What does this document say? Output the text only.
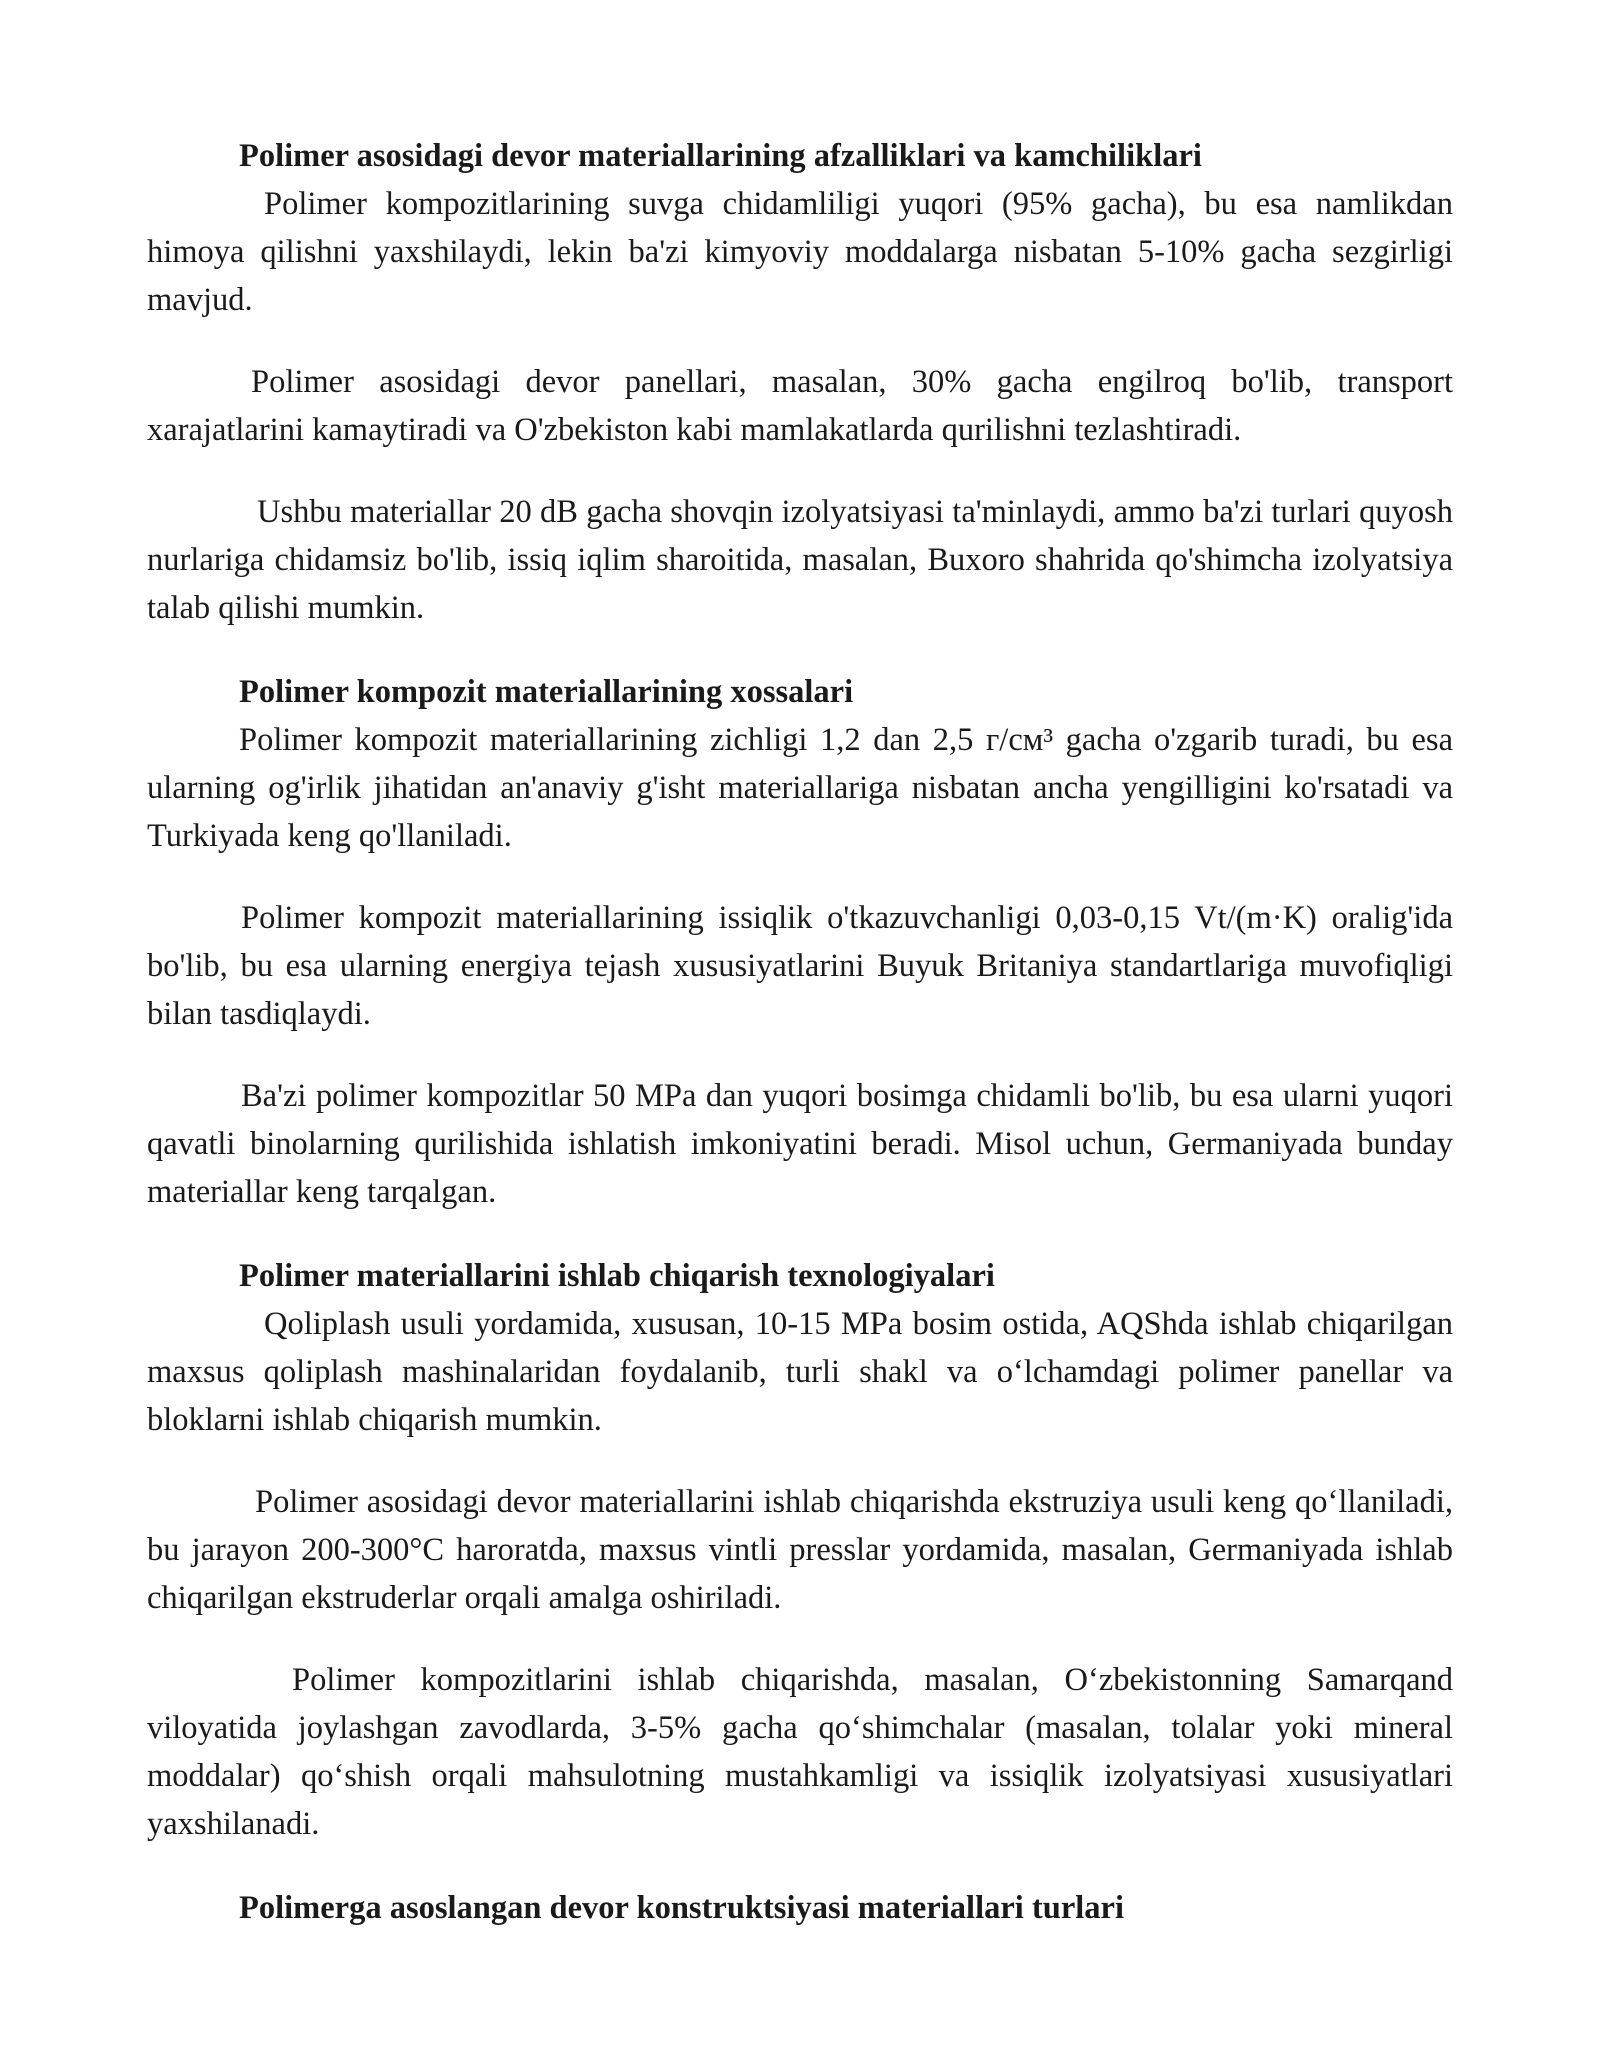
Polimer asosidagi devor materiallarining afzalliklari va kamchiliklari

Polimer kompozitlarining suvga chidamliligi yuqori (95% gacha), bu esa namlikdan himoya qilishni yaxshilaydi, lekin ba'zi kimyoviy moddalarga nisbatan 5-10% gacha sezgirligi mavjud.

Polimer asosidagi devor panellari, masalan, 30% gacha engilroq bo'lib, transport xarajatlarini kamaytiradi va O'zbekiston kabi mamlakatlarda qurilishni tezlashtiradi.

Ushbu materiallar 20 dB gacha shovqin izolyatsiyasi ta'minlaydi, ammo ba'zi turlari quyosh nurlariga chidamsiz bo'lib, issiq iqlim sharoitida, masalan, Buxoro shahrida qo'shimcha izolyatsiya talab qilishi mumkin.

Polimer kompozit materiallarining xossalari

Polimer kompozit materiallarining zichligi 1,2 dan 2,5 г/см³ gacha o'zgarib turadi, bu esa ularning og'irlik jihatidan an'anaviy g'isht materiallariga nisbatan ancha yengilligini ko'rsatadi va Turkiyada keng qo'llaniladi.

Polimer kompozit materiallarining issiqlik o'tkazuvchanligi 0,03-0,15 Vt/(m·K) oralig'ida bo'lib, bu esa ularning energiya tejash xususiyatlarini Buyuk Britaniya standartlariga muvofiqligi bilan tasdiqlaydi.

Ba'zi polimer kompozitlar 50 MPa dan yuqori bosimga chidamli bo'lib, bu esa ularni yuqori qavatli binolarning qurilishida ishlatish imkoniyatini beradi. Misol uchun, Germaniyada bunday materiallar keng tarqalgan.

Polimer materiallarini ishlab chiqarish texnologiyalari

Qoliplash usuli yordamida, xususan, 10-15 MPa bosim ostida, AQShda ishlab chiqarilgan maxsus qoliplash mashinalaridan foydalanib, turli shakl va oʻlchamdagi polimer panellar va bloklarni ishlab chiqarish mumkin.

Polimer asosidagi devor materiallarini ishlab chiqarishda ekstruziya usuli keng qoʻllaniladi, bu jarayon 200-300°C haroratda, maxsus vintli presslar yordamida, masalan, Germaniyada ishlab chiqarilgan ekstruderlar orqali amalga oshiriladi.

Polimer kompozitlarini ishlab chiqarishda, masalan, Oʻzbekistonning Samarqand viloyatida joylashgan zavodlarda, 3-5% gacha qoʻshimchalar (masalan, tolalar yoki mineral moddalar) qoʻshish orqali mahsulotning mustahkamligi va issiqlik izolyatsiyasi xususiyatlari yaxshilanadi.

Polimerga asoslangan devor konstruktsiyasi materiallari turlari
